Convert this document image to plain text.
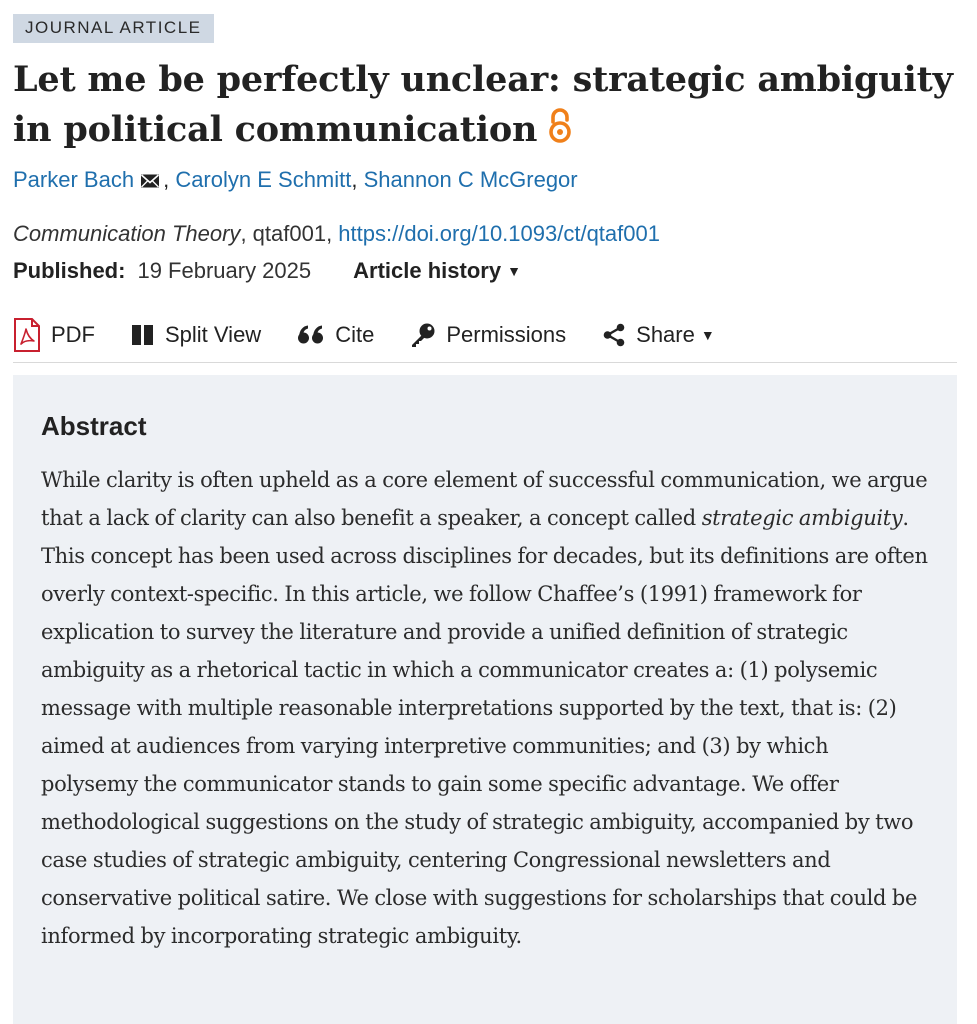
JOURNAL ARTICLE
Let me be perfectly unclear: strategic ambiguity in political communication
Parker Bach , Carolyn E Schmitt, Shannon C McGregor
Communication Theory, qtaf001, https://doi.org/10.1093/ct/qtaf001
Published: 19 February 2025 Article history ▼
PDF	Split View	Cite	Permissions	Share ▼
Abstract

While clarity is often upheld as a core element of successful communication, we argue that a lack of clarity can also benefit a speaker, a concept called strategic ambiguity. This concept has been used across disciplines for decades, but its definitions are often overly context-specific. In this article, we follow Chaffee’s (1991) framework for explication to survey the literature and provide a unified definition of strategic ambiguity as a rhetorical tactic in which a communicator creates a: (1) polysemic message with multiple reasonable interpretations supported by the text, that is: (2) aimed at audiences from varying interpretive communities; and (3) by which polysemy the communicator stands to gain some specific advantage. We offer methodological suggestions on the study of strategic ambiguity, accompanied by two case studies of strategic ambiguity, centering Congressional newsletters and conservative political satire. We close with suggestions for scholarships that could be informed by incorporating strategic ambiguity.
